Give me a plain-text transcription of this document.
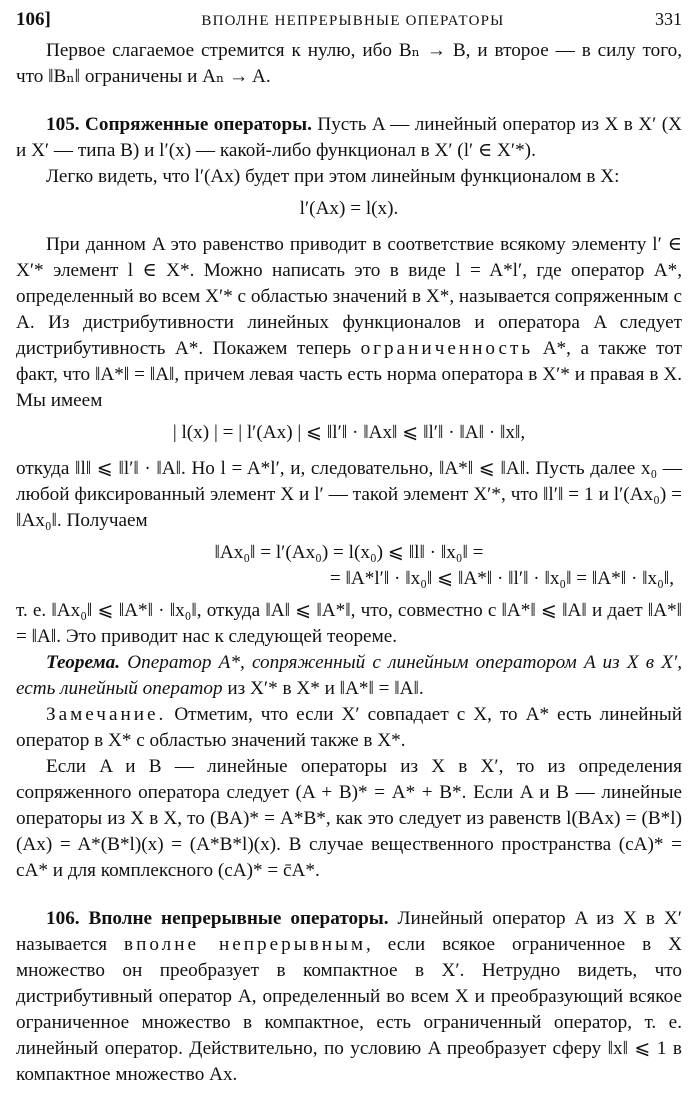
106]	ВПОЛНЕ НЕПРЕРЫВНЫЕ ОПЕРАТОРЫ	331

Первое слагаемое стремится к нулю, ибо Bₙ → B, и второе — в силу того, что ‖Bₙ‖ ограничены и Aₙ → A.

105. Сопряженные операторы. Пусть A — линейный оператор из X в X′ (X и X′ — типа B) и l′(x) — какой-либо функционал в X′ (l′ ∈ X′*).

Легко видеть, что l′(Ax) будет при этом линейным функционалом в X:

l′(Ax) = l(x).

При данном A это равенство приводит в соответствие всякому элементу l′ ∈ X′* элемент l ∈ X*. Можно написать это в виде l = A*l′, где оператор A*, определенный во всем X′* с областью значений в X*, называется сопряженным с A. Из дистрибутивности линейных функционалов и оператора A следует дистрибутивность A*. Покажем теперь ограниченность A*, а также тот факт, что ‖A*‖ = ‖A‖, причем левая часть есть норма оператора в X′* и правая в X. Мы имеем

| l(x) | = | l′(Ax) | ⩽ ‖l′‖ · ‖Ax‖ ⩽ ‖l′‖ · ‖A‖ · ‖x‖,

откуда ‖l‖ ⩽ ‖l′‖ · ‖A‖. Но l = A*l′, и, следовательно, ‖A*‖ ⩽ ‖A‖. Пусть далее x₀ — любой фиксированный элемент X и l′ — такой элемент X′*, что ‖l′‖ = 1 и l′(Ax₀) = ‖Ax₀‖. Получаем

‖Ax₀‖ = l′(Ax₀) = l(x₀) ⩽ ‖l‖ · ‖x₀‖ =
= ‖A*l′‖ · ‖x₀‖ ⩽ ‖A*‖ · ‖l′‖ · ‖x₀‖ = ‖A*‖ · ‖x₀‖,

т. е. ‖Ax₀‖ ⩽ ‖A*‖ · ‖x₀‖, откуда ‖A‖ ⩽ ‖A*‖, что, совместно с ‖A*‖ ⩽ ‖A‖ и дает ‖A*‖ = ‖A‖. Это приводит нас к следующей теореме.

Теорема. Оператор A*, сопряженный с линейным оператором A из X в X′, есть линейный оператор из X′* в X* и ‖A*‖ = ‖A‖.

Замечание. Отметим, что если X′ совпадает с X, то A* есть линейный оператор в X* с областью значений также в X*.

Если A и B — линейные операторы из X в X′, то из определения сопряженного оператора следует (A + B)* = A* + B*. Если A и B — линейные операторы из X в X, то (BA)* = A*B*, как это следует из равенств l(BAx) = (B*l)(Ax) = A*(B*l)(x) = (A*B*l)(x). В случае вещественного пространства (cA)* = cA* и для комплексного (cA)* = c̄A*.

106. Вполне непрерывные операторы. Линейный оператор A из X в X′ называется вполне непрерывным, если всякое ограниченное в X множество он преобразует в компактное в X′. Нетрудно видеть, что дистрибутивный оператор A, определенный во всем X и преобразующий всякое ограниченное множество в компактное, есть ограниченный оператор, т. е. линейный оператор. Действительно, по условию A преобразует сферу ‖x‖ ⩽ 1 в компактное множество Ax.
